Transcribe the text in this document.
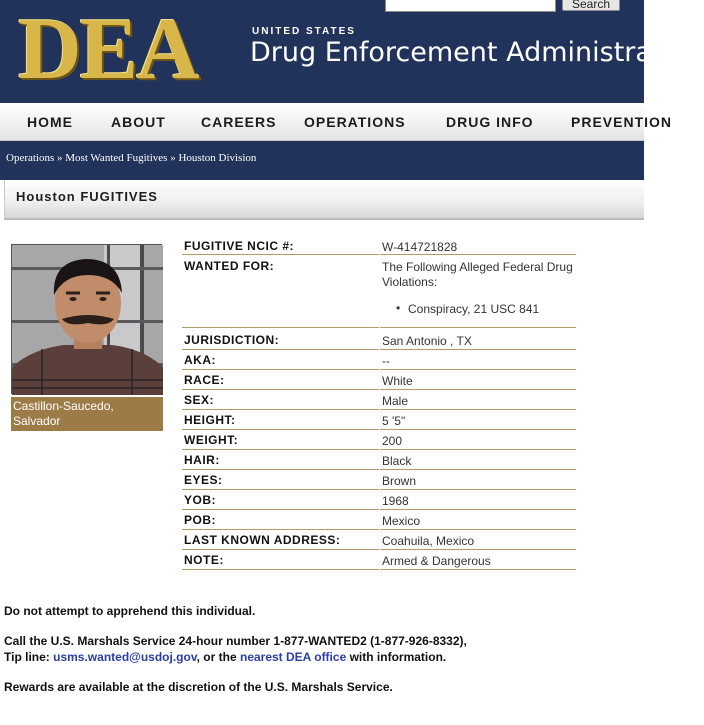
DEA	UNITED STATES
Drug Enforcement Administration
Search
HOME	ABOUT	CAREERS OPERATIONS	DRUG INFO	PREVENTION
Operations » Most Wanted Fugitives » Houston Division
Houston FUGITIVES
Castillon-Saucedo,
Salvador
FUGITIVE NCIC #:	W-414721828
WANTED FOR:	The Following Alleged Federal Drug Violations:
• Conspiracy, 21 USC 841
JURISDICTION:	San Antonio , TX
AKA:	--
RACE:	White
SEX:	Male
HEIGHT:	5 '5"
WEIGHT:	200
HAIR:	Black
EYES:	Brown
YOB:	1968
POB:	Mexico
LAST KNOWN ADDRESS:	Coahuila, Mexico
NOTE:	Armed & Dangerous
Do not attempt to apprehend this individual.
Call the U.S. Marshals Service 24-hour number 1-877-WANTED2 (1-877-926-8332),
Tip line: usms.wanted@usdoj.gov, or the nearest DEA office with information.
Rewards are available at the discretion of the U.S. Marshals Service.
